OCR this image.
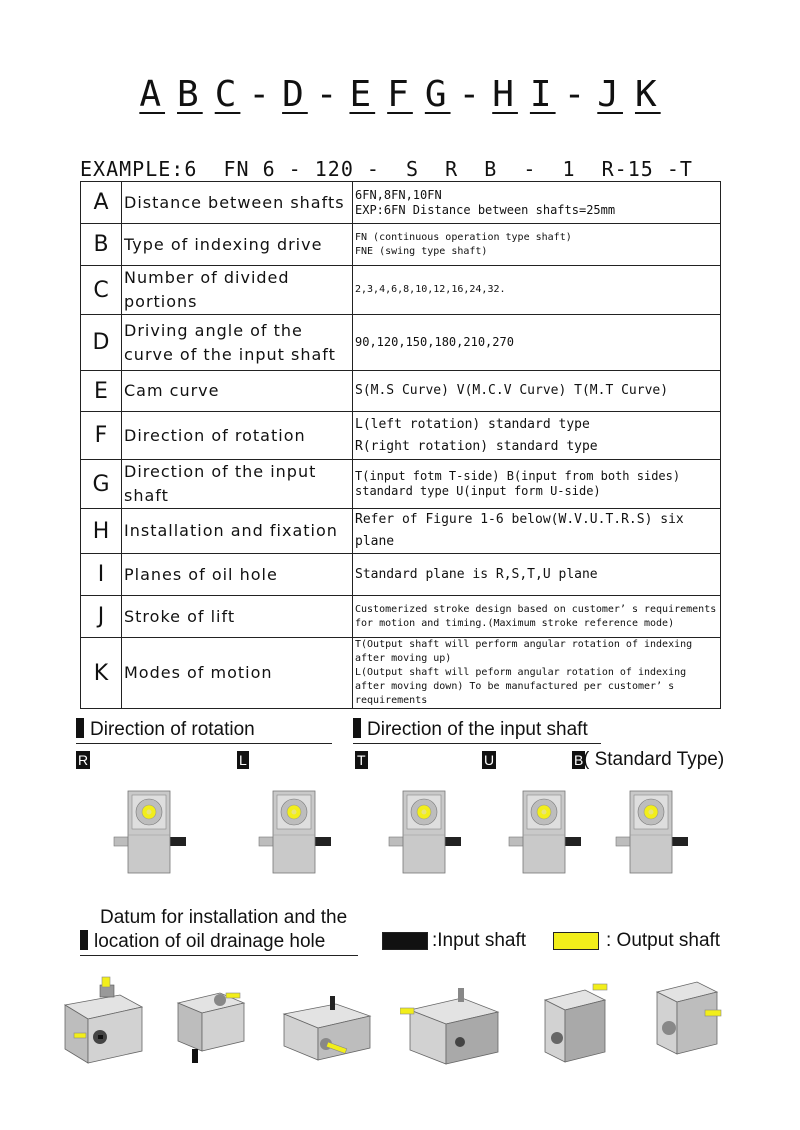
A B C - D - E F G - H I - J K
EXAMPLE:6  FN 6 - 120 -  S  R  B  -  1  R-15 -T
A	Distance between shafts	6FN,8FN,10FN
EXP:6FN Distance between shafts=25mm

B	Type of indexing drive	FN (continuous operation type shaft)
FNE (swing type shaft)

C	Number of divided portions	2,3,4,6,8,10,12,16,24,32.

D	Driving angle of the curve of the input shaft	90,120,150,180,210,270

E	Cam curve	S(M.S Curve) V(M.C.V Curve) T(M.T Curve)

F	Direction of rotation	L(left rotation) standard type
R(right rotation) standard type

G	Direction of the input shaft	T(input fotm T-side) B(input from both sides)
standard type U(input form U-side)

H	Installation and fixation	Refer of Figure 1-6 below(W.V.U.T.R.S) six plane

I	Planes of oil hole	Standard plane is R,S,T,U plane

J	Stroke of lift	Customerized stroke design based on customer’ s requirements
for motion and timing.(Maximum stroke reference mode)

K	Modes of motion	T(Output shaft will perform angular rotation of indexing after moving up)
L(Output shaft will peform angular rotation of indexing after moving down) To be manufactured per customer’ s requirements
Direction of rotation	Direction of the input shaft
R	L	T	U	B ( Standard Type)
Datum for installation and the
location of oil drainage hole	:Input shaft	: Output shaft
